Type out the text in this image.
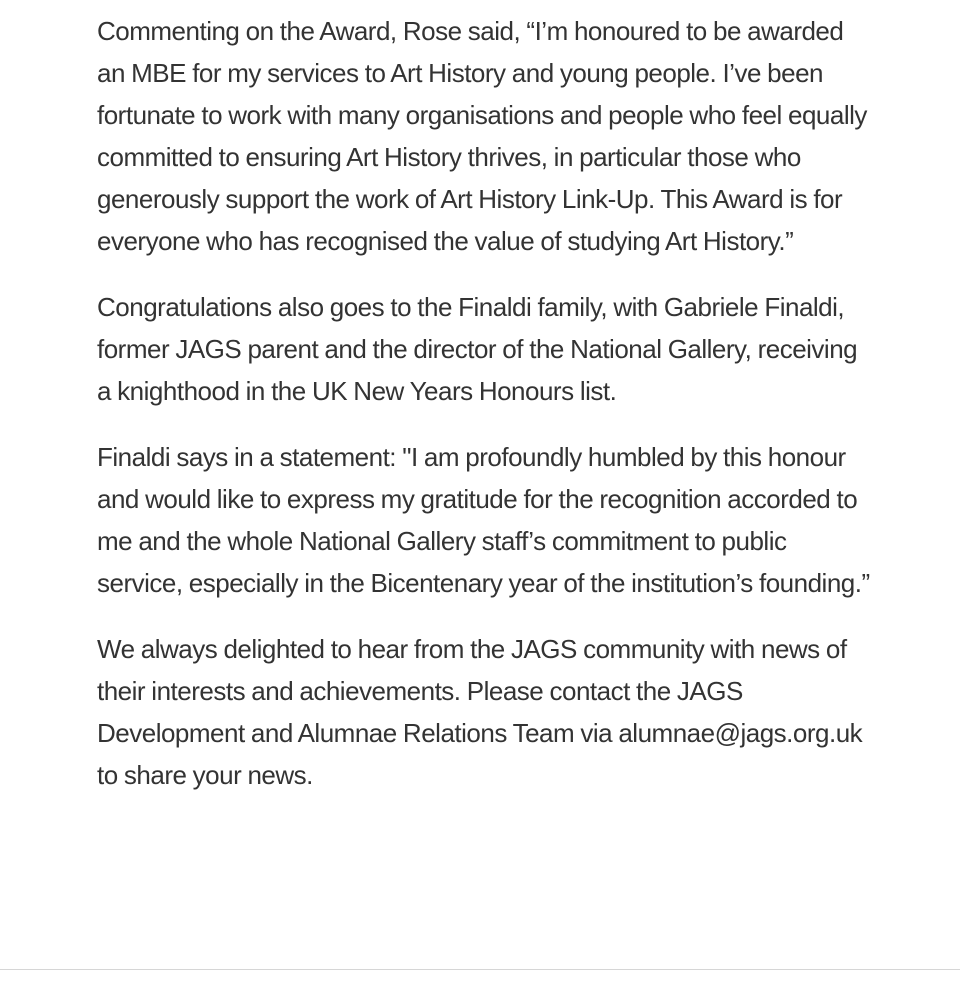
Commenting on the Award, Rose said, “I’m honoured to be awarded an MBE for my services to Art History and young people. I’ve been fortunate to work with many organisations and people who feel equally committed to ensuring Art History thrives, in particular those who generously support the work of Art History Link-Up. This Award is for everyone who has recognised the value of studying Art History.”

Congratulations also goes to the Finaldi family, with Gabriele Finaldi, former JAGS parent and the director of the National Gallery, receiving a knighthood in the UK New Years Honours list.

Finaldi says in a statement: "I am profoundly humbled by this honour and would like to express my gratitude for the recognition accorded to me and the whole National Gallery staff’s commitment to public service, especially in the Bicentenary year of the institution’s founding.”

We always delighted to hear from the JAGS community with news of their interests and achievements. Please contact the JAGS Development and Alumnae Relations Team via alumnae@jags.org.uk to share your news.
